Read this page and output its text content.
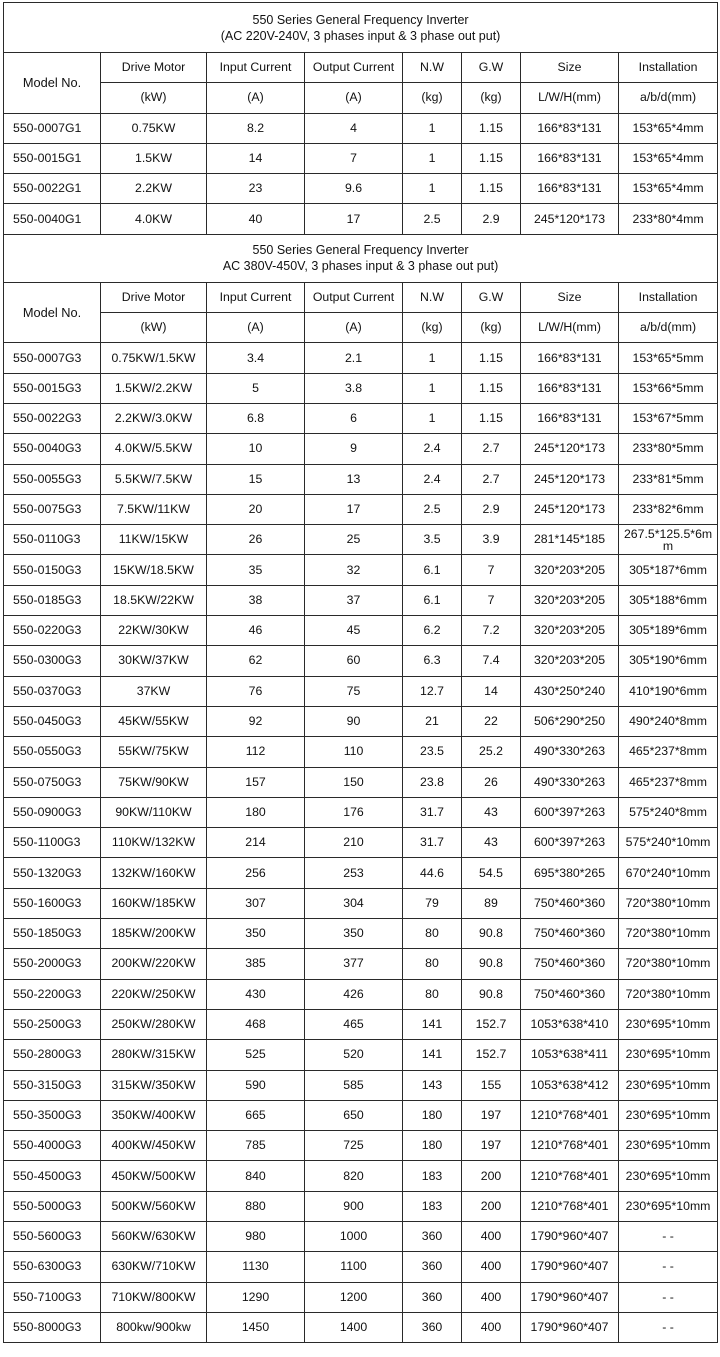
550 Series General Frequency Inverter
(AC 220V-240V, 3 phases input & 3 phase out put)							

Model No.	Drive Motor	Input Current	Output Current	N.W	G.W	Size	Installation
	(kW)	(A)	(A)	(kg)	(kg)	L/W/H(mm)	a/b/d(mm)
550-0007G1	0.75KW	8.2	4	1	1.15	166*83*131	153*65*4mm
550-0015G1	1.5KW	14	7	1	1.15	166*83*131	153*65*4mm
550-0022G1	2.2KW	23	9.6	1	1.15	166*83*131	153*65*4mm
550-0040G1	4.0KW	40	17	2.5	2.9	245*120*173	233*80*4mm

550 Series General Frequency Inverter
AC 380V-450V, 3 phases input & 3 phase out put)							

Model No.	Drive Motor	Input Current	Output Current	N.W	G.W	Size	Installation
	(kW)	(A)	(A)	(kg)	(kg)	L/W/H(mm)	a/b/d(mm)
550-0007G3	0.75KW/1.5KW	3.4	2.1	1	1.15	166*83*131	153*65*5mm
550-0015G3	1.5KW/2.2KW	5	3.8	1	1.15	166*83*131	153*66*5mm
550-0022G3	2.2KW/3.0KW	6.8	6	1	1.15	166*83*131	153*67*5mm
550-0040G3	4.0KW/5.5KW	10	9	2.4	2.7	245*120*173	233*80*5mm
550-0055G3	5.5KW/7.5KW	15	13	2.4	2.7	245*120*173	233*81*5mm
550-0075G3	7.5KW/11KW	20	17	2.5	2.9	245*120*173	233*82*6mm
550-0110G3	11KW/15KW	26	25	3.5	3.9	281*145*185	267.5*125.5*6mm
550-0150G3	15KW/18.5KW	35	32	6.1	7	320*203*205	305*187*6mm
550-0185G3	18.5KW/22KW	38	37	6.1	7	320*203*205	305*188*6mm
550-0220G3	22KW/30KW	46	45	6.2	7.2	320*203*205	305*189*6mm
550-0300G3	30KW/37KW	62	60	6.3	7.4	320*203*205	305*190*6mm
550-0370G3	37KW	76	75	12.7	14	430*250*240	410*190*6mm
550-0450G3	45KW/55KW	92	90	21	22	506*290*250	490*240*8mm
550-0550G3	55KW/75KW	112	110	23.5	25.2	490*330*263	465*237*8mm
550-0750G3	75KW/90KW	157	150	23.8	26	490*330*263	465*237*8mm
550-0900G3	90KW/110KW	180	176	31.7	43	600*397*263	575*240*8mm
550-1100G3	110KW/132KW	214	210	31.7	43	600*397*263	575*240*10mm
550-1320G3	132KW/160KW	256	253	44.6	54.5	695*380*265	670*240*10mm
550-1600G3	160KW/185KW	307	304	79	89	750*460*360	720*380*10mm
550-1850G3	185KW/200KW	350	350	80	90.8	750*460*360	720*380*10mm
550-2000G3	200KW/220KW	385	377	80	90.8	750*460*360	720*380*10mm
550-2200G3	220KW/250KW	430	426	80	90.8	750*460*360	720*380*10mm
550-2500G3	250KW/280KW	468	465	141	152.7	1053*638*410	230*695*10mm
550-2800G3	280KW/315KW	525	520	141	152.7	1053*638*411	230*695*10mm
550-3150G3	315KW/350KW	590	585	143	155	1053*638*412	230*695*10mm
550-3500G3	350KW/400KW	665	650	180	197	1210*768*401	230*695*10mm
550-4000G3	400KW/450KW	785	725	180	197	1210*768*401	230*695*10mm
550-4500G3	450KW/500KW	840	820	183	200	1210*768*401	230*695*10mm
550-5000G3	500KW/560KW	880	900	183	200	1210*768*401	230*695*10mm
550-5600G3	560KW/630KW	980	1000	360	400	1790*960*407	- -
550-6300G3	630KW/710KW	1130	1100	360	400	1790*960*407	- -
550-7100G3	710KW/800KW	1290	1200	360	400	1790*960*407	- -
550-8000G3	800kw/900kw	1450	1400	360	400	1790*960*407	- -
